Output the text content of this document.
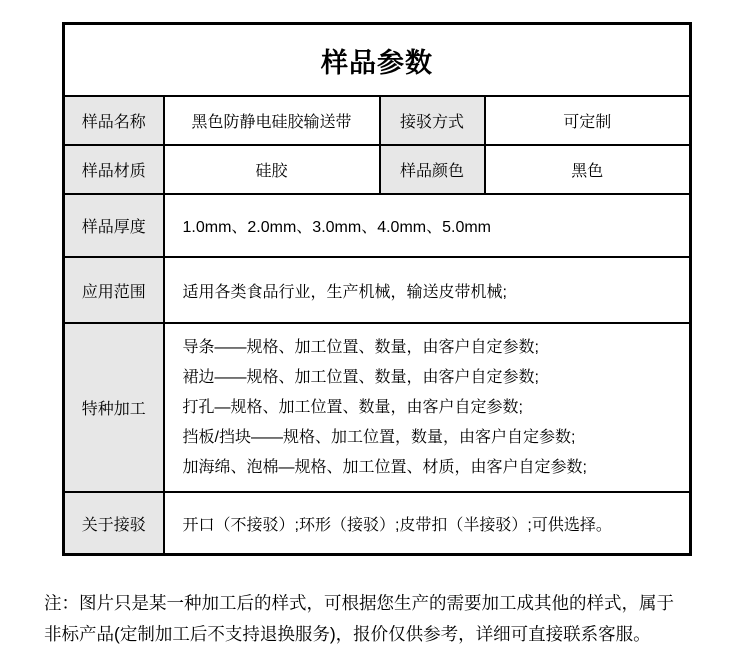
样品参数			
样品名称	黑色防静电硅胶输送带	接驳方式	可定制
样品材质	硅胶	样品颜色	黑色
样品厚度	1.0mm、2.0mm、3.0mm、4.0mm、5.0mm		
应用范围	适用各类食品行业，生产机械，输送皮带机械;		
特种加工	导条——规格、加工位置、数量，由客户自定参数;
裙边——规格、加工位置、数量，由客户自定参数;
打孔—规格、加工位置、数量，由客户自定参数;
挡板/挡块——规格、加工位置，数量，由客户自定参数;
加海绵、泡棉—规格、加工位置、材质，由客户自定参数;		

关于接驳	开口（不接驳）;环形（接驳）;皮带扣（半接驳）;可供选择。		
注：图片只是某一种加工后的样式，可根据您生产的需要加工成其他的样式，属于
非标产品(定制加工后不支持退换服务)，报价仅供参考，详细可直接联系客服。
